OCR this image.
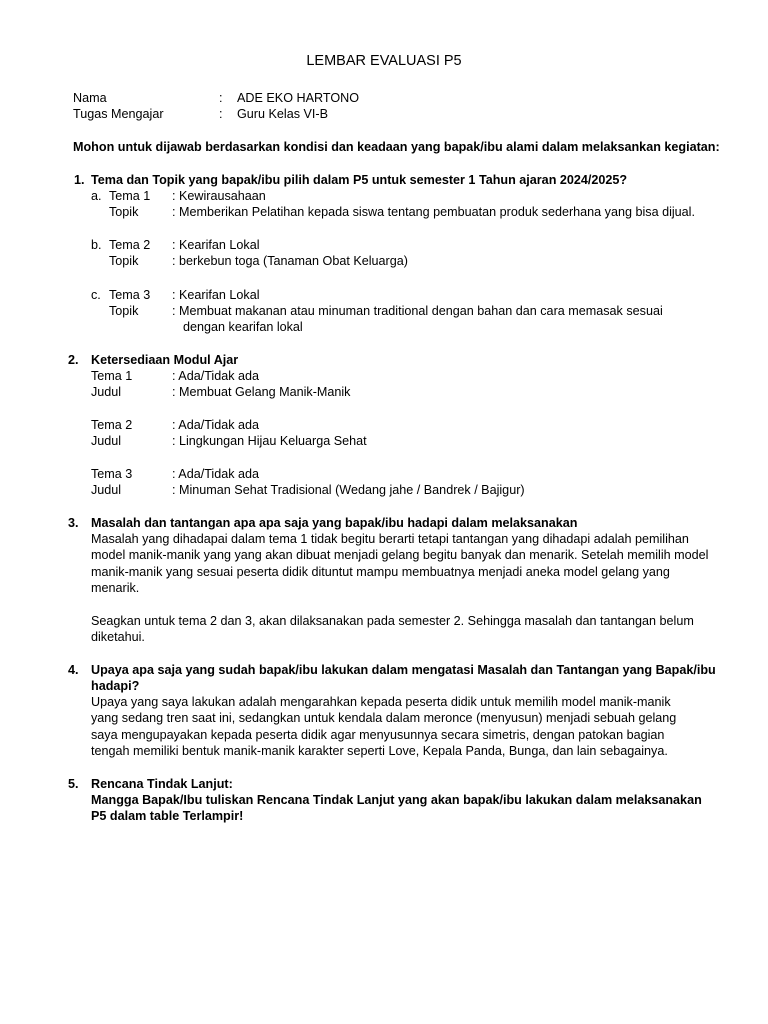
LEMBAR EVALUASI P5
Nama	: ADE EKO HARTONO
Tugas Mengajar	: Guru Kelas VI-B
Mohon untuk dijawab berdasarkan kondisi dan keadaan yang bapak/ibu alami dalam melaksankan kegiatan:
1. Tema dan Topik yang bapak/ibu pilih dalam P5 untuk semester 1 Tahun ajaran 2024/2025?
a. Tema 1 : Kewirausahaan
Topik	: Memberikan Pelatihan kepada siswa tentang pembuatan produk sederhana yang bisa dijual.
b. Tema 2 : Kearifan Lokal
Topik	: berkebun toga (Tanaman Obat Keluarga)
c. Tema 3 : Kearifan Lokal
Topik	: Membuat makanan atau minuman traditional dengan bahan dan cara memasak sesuai
dengan kearifan lokal
2. Ketersediaan Modul Ajar
Tema 1	: Ada/Tidak ada
Judul	: Membuat Gelang Manik-Manik
Tema 2	: Ada/Tidak ada
Judul	: Lingkungan Hijau Keluarga Sehat
Tema 3	: Ada/Tidak ada
Judul	: Minuman Sehat Tradisional (Wedang jahe / Bandrek / Bajigur)
3. Masalah dan tantangan apa apa saja yang bapak/ibu hadapi dalam melaksanakan
Masalah yang dihadapai dalam tema 1 tidak begitu berarti tetapi tantangan yang dihadapi adalah pemilihan model manik-manik yang yang akan dibuat menjadi gelang begitu banyak dan menarik. Setelah memilih model manik-manik yang sesuai peserta didik dituntut mampu membuatnya menjadi aneka model gelang yang menarik.
Seagkan untuk tema 2 dan 3, akan dilaksanakan pada semester 2. Sehingga masalah dan tantangan belum diketahui.
4. Upaya apa saja yang sudah bapak/ibu lakukan dalam mengatasi Masalah dan Tantangan yang Bapak/ibu hadapi?
Upaya yang saya lakukan adalah mengarahkan kepada peserta didik untuk memilih model manik-manik yang sedang tren saat ini, sedangkan untuk kendala dalam meronce (menyusun) menjadi sebuah gelang saya mengupayakan kepada peserta didik agar menyusunnya secara simetris, dengan patokan bagian tengah memiliki bentuk manik-manik karakter seperti Love, Kepala Panda, Bunga, dan lain sebagainya.
5. Rencana Tindak Lanjut:
Mangga Bapak/Ibu tuliskan Rencana Tindak Lanjut yang akan bapak/ibu lakukan dalam melaksanakan P5 dalam table Terlampir!
